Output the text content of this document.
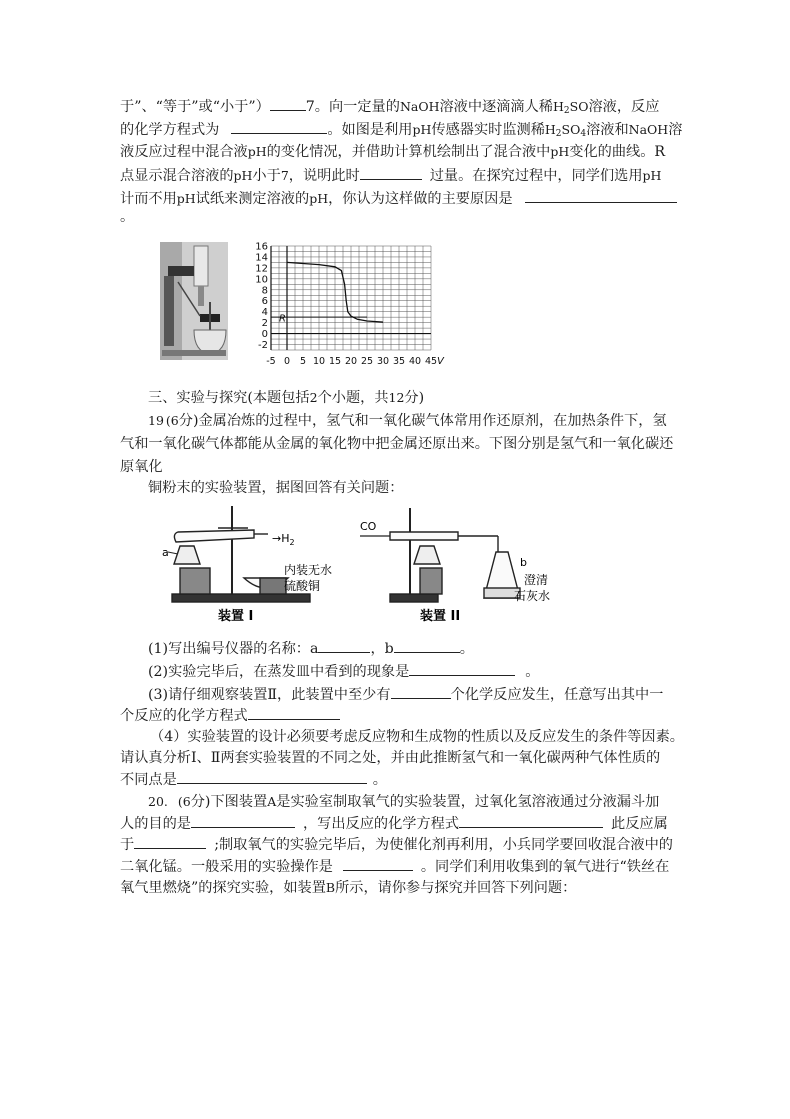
于”、“等于”或“小于”）	7。向一定量的NaOH溶液中逐滴滴人稀$H_2SO$溶液，反应
的化学方程式为	。如图是利用pH传感器实时监测稀$H_2SO_4$溶液和NaOH溶
液反应过程中混合液pH的变化情况，并借助计算机绘制出了混合液中pH变化的曲线。R
点显示混合溶液的pH小于7，说明此时	过量。在探究过程中，同学们选用pH
计而不用pH试纸来测定溶液的pH，你认为这样做的主要原因是
。
16
14
12
10
8
6
4
2
0
-2
-5 0 5 10 15 20 25 30 35 40 45 V
R
三、实验与探究(本题包括2个小题，共12分)
19 (6分)金属冶炼的过程中，氢气和一氧化碳气体常用作还原剂，在加热条件下，氢
气和一氧化碳气体都能从金属的氧化物中把金属还原出来。下图分别是氢气和一氧化碳还
原氧化
铜粉末的实验装置，据图回答有关问题：
$\to H_2$
a
内装无水
硫酸铜
装置 I
CO
b
澄清
石灰水
装置 II
(1)写出编号仪器的名称：a	，b	。
(2)实验完毕后，在蒸发皿中看到的现象是	。
(3)请仔细观察装置Ⅱ，此装置中至少有	个化学反应发生，任意写出其中一
个反应的化学方程式
（4）实验装置的设计必须要考虑反应物和生成物的性质以及反应发生的条件等因素。
请认真分析Ⅰ、Ⅱ两套实验装置的不同之处，并由此推断氢气和一氧化碳两种气体性质的
不同点是	。
20. (6分)下图装置A是实验室制取氧气的实验装置，过氧化氢溶液通过分液漏斗加
人的目的是	，写出反应的化学方程式	此反应属
于	;制取氧气的实验完毕后，为使催化剂再利用，小兵同学要回收混合液中的
二氧化锰。一般采用的实验操作是	。同学们利用收集到的氧气进行“铁丝在
氧气里燃烧”的探究实验，如装置B所示，请你参与探究并回答下列问题：
